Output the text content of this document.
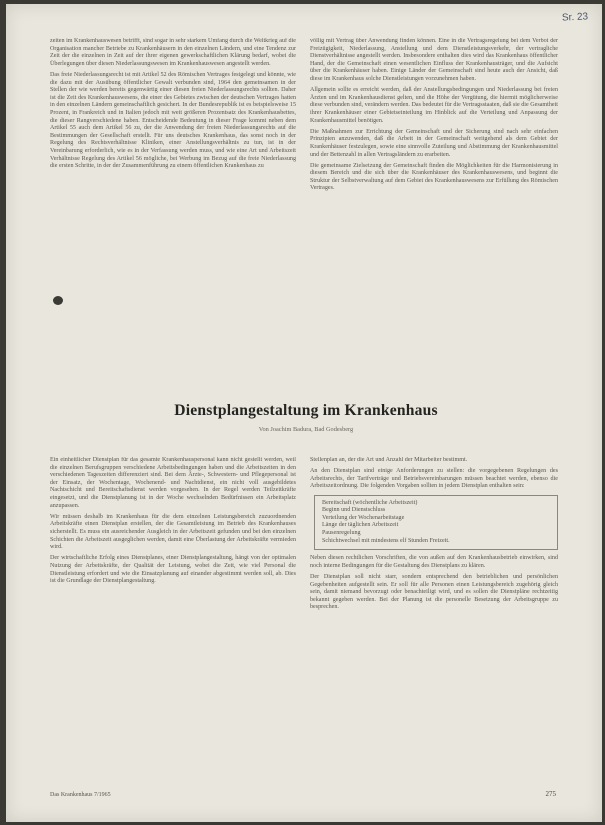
Sr. 23

zeiten im Krankenhauswesen betrifft, sind sogar in sehr starkem Umfang durch die Weltkrieg auf die Organisation mancher Betriebe zu Krankenhäusern in den einzelnen Ländern, und eine Tendenz zur Zeit der die einzelnen in Zeit auf der ihrer eigenen gewerkschaftlichen Klärung bedarf, wobei die Überlegungen über diesen Niederlassungswesen im Krankenhauswesen angestellt werden.

Das freie Niederlassungsrecht ist mit Artikel 52 des Römischen Vertrages festgelegt und könnte, wie die dazu mit der Ausübung öffentlicher Gewalt verbunden sind, 1964 den gemeinsamen in der Stellen der wie werden bereits gegenwärtig einer diesen freien Niederlassungsrechts sollten. Daher ist die Zeit des Krankenhauswesens, die einer des Gebietes zwischen der deutschen Vertrages hatten in den einzelnen Ländern gemeinschaftlich gesichert. In der Bundesrepublik ist es beispielsweise 15 Prozent, in Frankreich und in Italien jedoch mit weit größeren Prozentsatz des Krankenhausbettes, die dieser Rangverschiedene haben. Entscheidende Bedeutung in dieser Frage kommt neben dem Artikel 55 auch dem Artikel 56 zu, der die Anwendung der freien Niederlassungsrechts auf die Bestimmungen der Gesellschaft erstellt. Für uns deutsches Krankenhaus, das sonst noch in der Regelung des Rechtsverhältnisse Kliniken, einer Anstellungsverhältnis zu tun, ist in der Vereinbarung erforderlich, wie es in der Verfassung werden muss, und wie eine Art und Arbeitszeit Verhältnisse Regelung des Artikel 56 mögliche, bei Werbung im Bezug auf die freie Niederlassung die ersten Schritte, in der der Zusammenführung zu einem öffentlichen Krankenhaus zu

völlig mit Vertrag über Anwendung finden können. Eine in die Vertragsregelung bei dem Verbot der Freizügigkeit, Niederlassung, Anstellung und dem Dienstleistungsverkehr, der vertragliche Dienstverhältnisse angestellt werden. Insbesondere enthalten dies wird das Krankenhaus öffentlicher Hand, der die Gemeinschaft einen wesentlichen Einfluss der Krankenhausträger, und die Aufsicht über die Krankenhäuser haben. Einige Länder der Gemeinschaft sind heute auch der Ansicht, daß diese im Krankenhaus solche Dienstleistungen vorzunehmen haben.

Allgemein sollte es erreicht werden, daß der Anstellungsbedingungen und Niederlassung bei freien Ärzten und im Krankenhausdienst gelten, und die Höhe der Vergütung, die hiermit möglicherweise diese verbunden sind, verändern werden. Das bedeutet für die Vertragsstaaten, daß sie die Gesamtheit ihrer Krankenhäuser einer Gebietseinteilung im Hinblick auf die Verteilung und Anpassung der Krankenhausmittel benötigen.

Die Maßnahmen zur Errichtung der Gemeinschaft und der Sicherung sind nach sehr einfachen Prinzipien anzuwenden, daß die Arbeit in der Gemeinschaft weitgehend als dem Gebiet der Krankenhäuser festzulegen, sowie eine sinnvolle Zuteilung und Abstimmung der Krankenhausmittel und der Bettenzahl in allen Vertragsländern zu erarbeiten.

Die gemeinsame Zielsetzung der Gemeinschaft finden die Möglichkeiten für die Harmonisierung in diesem Bereich und die sich über die Krankenhäuser des Krankenhauswesens, und beginnt die Struktur der Selbstverwaltung auf dem Gebiet des Krankenhauswesens zur Erfüllung des Römischen Vertrages.

Dienstplangestaltung im Krankenhaus
Von Joachim Badura, Bad Godesberg

Ein einheitlicher Dienstplan für das gesamte Krankenhauspersonal kann nicht gestellt werden, weil die einzelnen Berufsgruppen verschiedene Arbeitsbedingungen haben und die Arbeitszeiten in den verschiedenen Tageszeiten differenziert sind. Bei dem Ärzte-, Schwestern- und Pflegepersonal ist der Einsatz, der Wochentage, Wochenend- und Nachtdienst, ein nicht voll ausgebildetes Nachtschicht und Bereitschaftsdienst werden vorgesehen. In der Regel werden Teilzeitkräfte eingesetzt, und die Dienstplanung ist in der Woche wechselnden Bedürfnissen ein Arbeitsplatz anzupassen.

Wir müssen deshalb im Krankenhaus für die dem einzelnen Leistungsbereich zuzuordnenden Arbeitskräfte einen Dienstplan erstellen, der die Gesamtleistung im Betrieb des Krankenhauses sicherstellt. Es muss ein ausreichender Ausgleich in der Arbeitszeit gefunden und bei den einzelnen Schichten die Arbeitszeit ausgeglichen werden, damit eine Überlastung der Arbeitskräfte vermieden wird.

Der wirtschaftliche Erfolg eines Dienstplanes, einer Dienstplangestaltung, hängt von der optimalen Nutzung der Arbeitskräfte, der Qualität der Leistung, wobei die Zeit, wie viel Personal die Dienstleistung erfordert und wie die Einsatzplanung auf einander abgestimmt werden soll, ab. Dies ist die Grundlage der Dienstplangestaltung.

Stellenplan an, der die Art und Anzahl der Mitarbeiter bestimmt.

An den Dienstplan sind einige Anforderungen zu stellen: die vorgegebenen Regelungen des Arbeitsrechts, der Tarifverträge und Betriebsvereinbarungen müssen beachtet werden, ebenso die Arbeitszeitordnung. Die folgenden Vorgaben sollten in jedem Dienstplan enthalten sein:

Bereitschaft (wöchentliche Arbeitszeit)
Beginn und Dienstschluss
Verteilung der Wochenarbeitstage
Länge der täglichen Arbeitszeit
Pausenregelung
Schichtwechsel mit mindestens elf Stunden Freizeit.

Neben diesen rechtlichen Vorschriften, die von außen auf den Krankenhausbetrieb einwirken, sind noch interne Bedingungen für die Gestaltung des Dienstplans zu klären.

Der Dienstplan soll nicht starr, sondern entsprechend den betrieblichen und persönlichen Gegebenheiten aufgestellt sein. Er soll für alle Personen einen Leistungsbereich zugehörig gleich sein, damit niemand bevorzugt oder benachteiligt wird, und es sollen die Dienstpläne rechtzeitig bekannt gegeben werden. Bei der Planung ist die personelle Besetzung der Arbeitsgruppe zu besprechen.

Das Krankenhaus 7/1965	275
